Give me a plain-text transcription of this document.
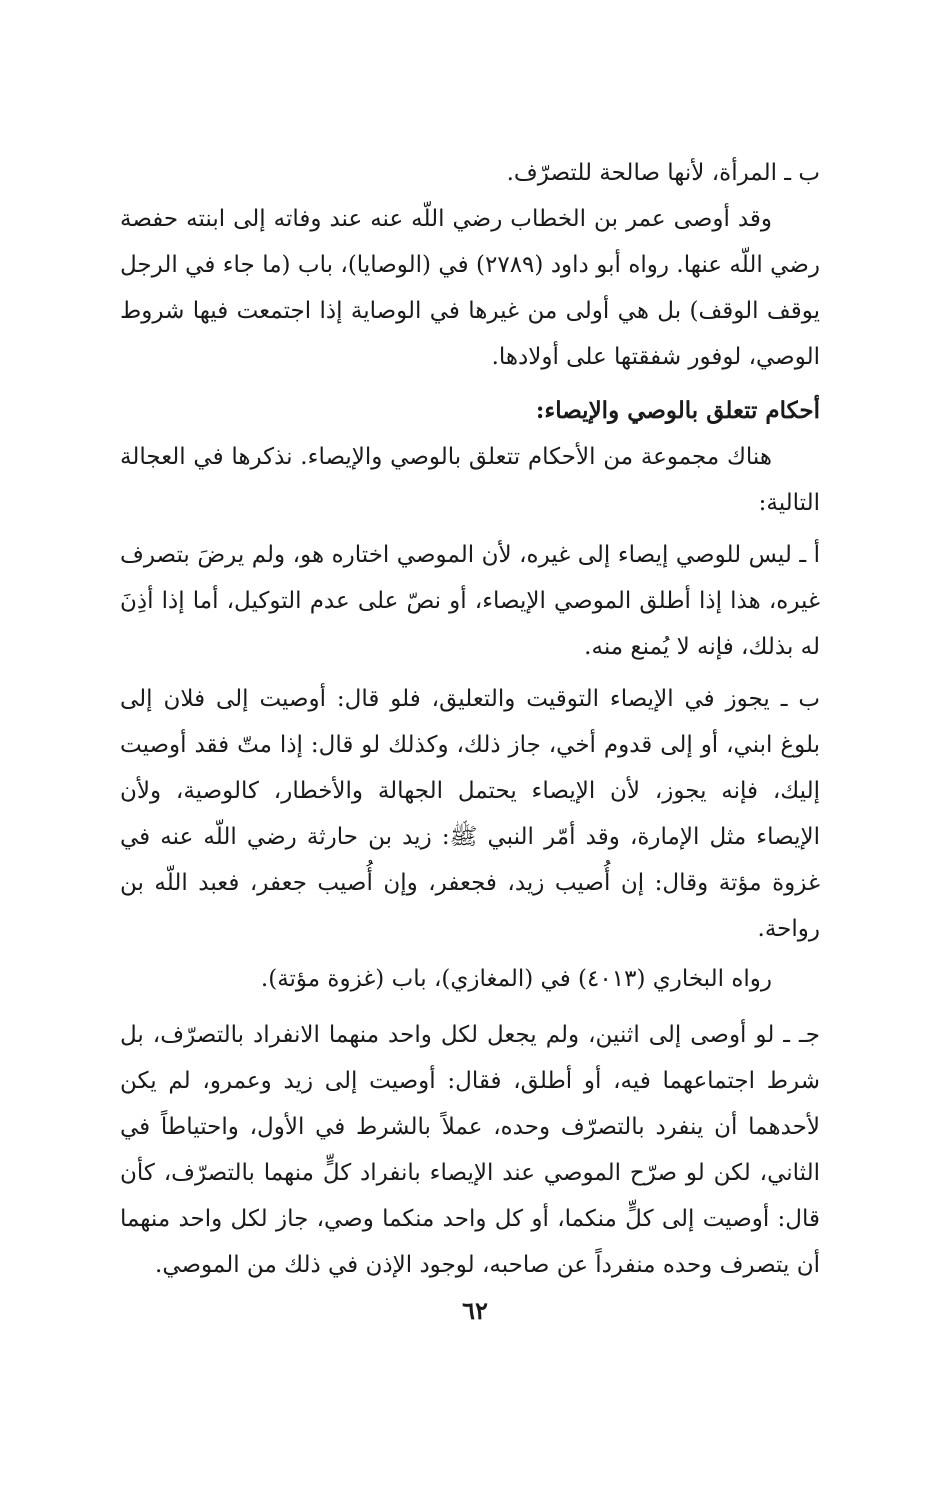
ب ـ المرأة، لأنها صالحة للتصرّف.

وقد أوصى عمر بن الخطاب رضي اللّه عنه عند وفاته إلى ابنته حفصة رضي اللّه عنها. رواه أبو داود (٢٧٨٩) في (الوصايا)، باب (ما جاء في الرجل يوقف الوقف) بل هي أولى من غيرها في الوصاية إذا اجتمعت فيها شروط الوصي، لوفور شفقتها على أولادها.

أحكام تتعلق بالوصي والإيصاء:

هناك مجموعة من الأحكام تتعلق بالوصي والإيصاء. نذكرها في العجالة التالية:

أ ـ ليس للوصي إيصاء إلى غيره، لأن الموصي اختاره هو، ولم يرضَ بتصرف غيره، هذا إذا أطلق الموصي الإيصاء، أو نصّ على عدم التوكيل، أما إذا أذِنَ له بذلك، فإنه لا يُمنع منه.

ب ـ يجوز في الإيصاء التوقيت والتعليق، فلو قال: أوصيت إلى فلان إلى بلوغ ابني، أو إلى قدوم أخي، جاز ذلك، وكذلك لو قال: إذا متّ فقد أوصيت إليك، فإنه يجوز، لأن الإيصاء يحتمل الجهالة والأخطار، كالوصية، ولأن الإيصاء مثل الإمارة، وقد أمّر النبي ﷺ: زيد بن حارثة رضي اللّه عنه في غزوة مؤتة وقال: إن أُصيب زيد، فجعفر، وإن أُصيب جعفر، فعبد اللّه بن رواحة.

رواه البخاري (٤٠١٣) في (المغازي)، باب (غزوة مؤتة).

جـ ـ لو أوصى إلى اثنين، ولم يجعل لكل واحد منهما الانفراد بالتصرّف، بل شرط اجتماعهما فيه، أو أطلق، فقال: أوصيت إلى زيد وعمرو، لم يكن لأحدهما أن ينفرد بالتصرّف وحده، عملاً بالشرط في الأول، واحتياطاً في الثاني، لكن لو صرّح الموصي عند الإيصاء بانفراد كلٍّ منهما بالتصرّف، كأن قال: أوصيت إلى كلٍّ منكما، أو كل واحد منكما وصي، جاز لكل واحد منهما أن يتصرف وحده منفرداً عن صاحبه، لوجود الإذن في ذلك من الموصي.

٦٢
